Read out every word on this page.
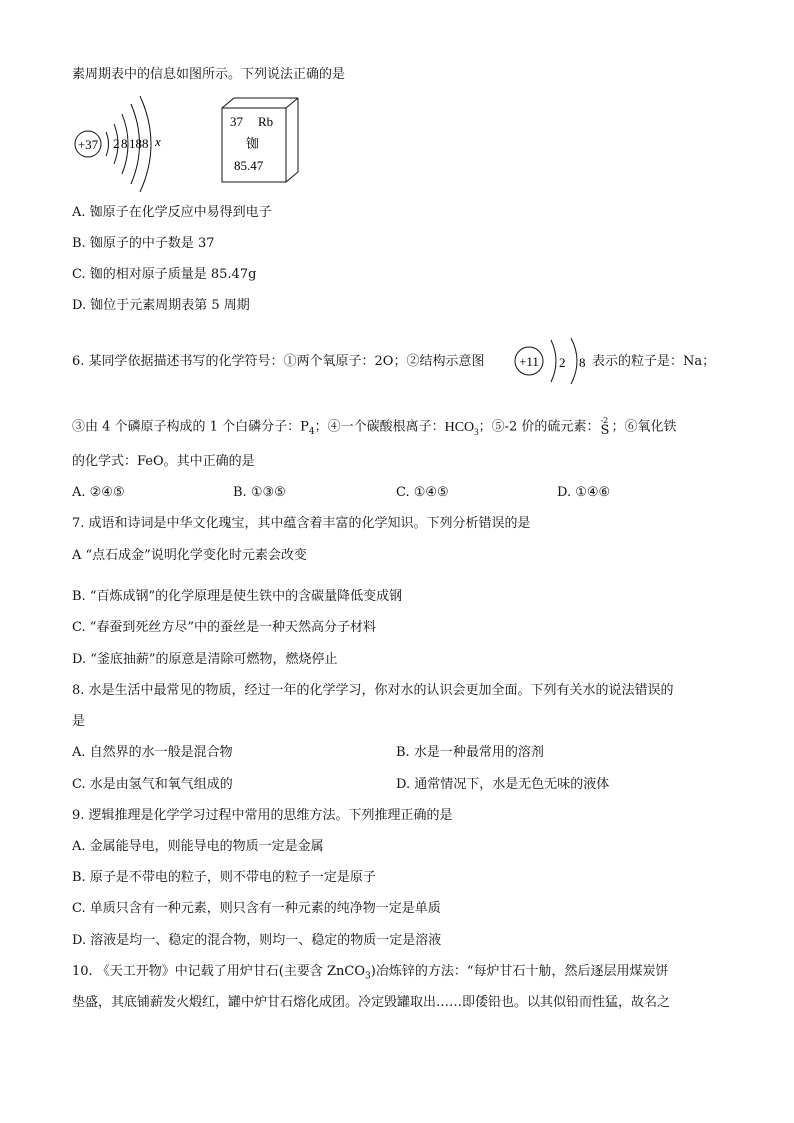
素周期表中的信息如图所示。下列说法正确的是
+37 2 8 18 8 x
37 Rb
铷
85.47
A. 铷原子在化学反应中易得到电子
B. 铷原子的中子数是 37
C. 铷的相对原子质量是 85.47g
D. 铷位于元素周期表第 5 周期
6. 某同学依据描述书写的化学符号：①两个氧原子：2O；②结构示意图	+11 2 8 表示的粒子是：Na；
③由 4 个磷原子构成的 1 个白磷分子：$P_4$；④一个碳酸根离子：$HCO_3$；⑤-2 价的硫元素： -2
S ；⑥氧化铁
的化学式：FeO。其中正确的是
A. ②④⑤	B. ①③⑤	C. ①④⑤	D. ①④⑥
7. 成语和诗词是中华文化瑰宝，其中蕴含着丰富的化学知识。下列分析错误的是
A “点石成金”说明化学变化时元素会改变
B. “百炼成钢”的化学原理是使生铁中的含碳量降低变成钢
C. “春蚕到死丝方尽”中的蚕丝是一种天然高分子材料
D. “釜底抽薪”的原意是清除可燃物，燃烧停止
8. 水是生活中最常见的物质，经过一年的化学学习，你对水的认识会更加全面。下列有关水的说法错误的
是
A. 自然界的水一般是混合物	B. 水是一种最常用的溶剂
C. 水是由氢气和氧气组成的	D. 通常情况下，水是无色无味的液体
9. 逻辑推理是化学学习过程中常用的思维方法。下列推理正确的是
A. 金属能导电，则能导电的物质一定是金属
B. 原子是不带电的粒子，则不带电的粒子一定是原子
C. 单质只含有一种元素，则只含有一种元素的纯净物一定是单质
D. 溶液是均一、稳定的混合物，则均一、稳定的物质一定是溶液
10. 《天工开物》中记载了用炉甘石(主要含 ZnCO$_3$)冶炼锌的方法：“每炉甘石十觔，然后逐层用煤炭饼
垫盛，其底铺薪发火煅红，罐中炉甘石熔化成团。冷定毁罐取出……即倭铅也。以其似铅而性猛，故名之
